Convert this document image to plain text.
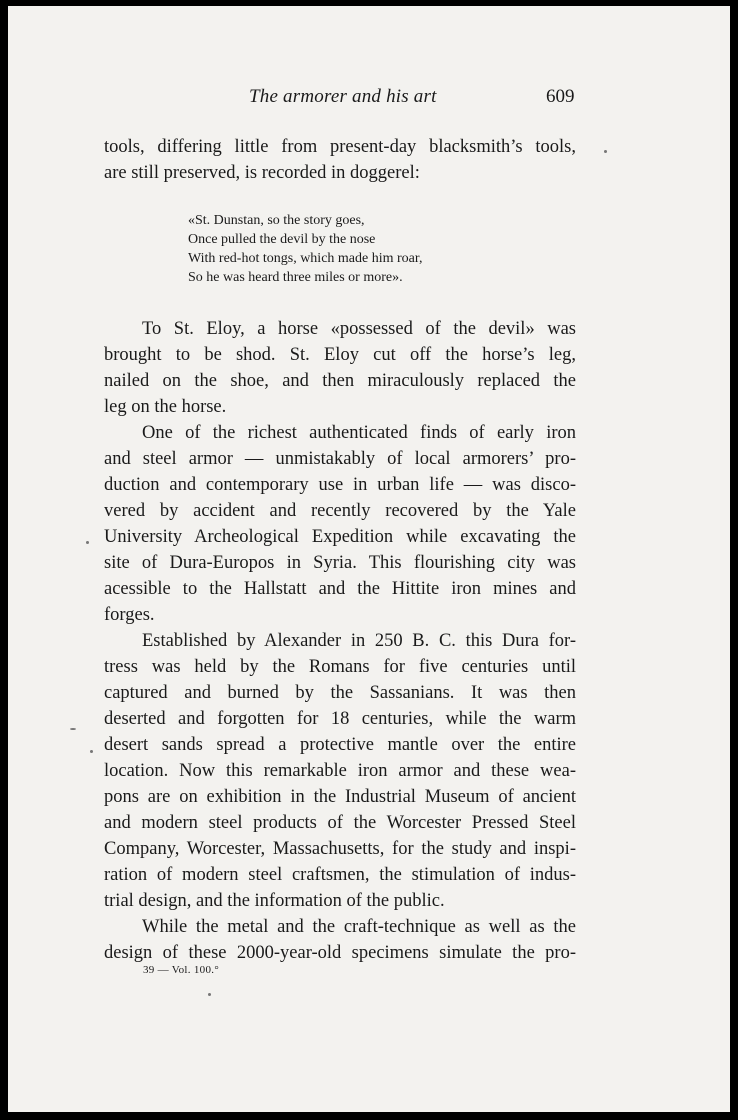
The armorer and his art	609
tools, differing little from present-day blacksmith’s tools,
are still preserved, is recorded in doggerel:
«St. Dunstan, so the story goes,
Once pulled the devil by the nose
With red-hot tongs, which made him roar,
So he was heard three miles or more».
To St. Eloy, a horse «possessed of the devil» was
brought to be shod. St. Eloy cut off the horse’s leg,
nailed on the shoe, and then miraculously replaced the
leg on the horse.
One of the richest authenticated finds of early iron
and steel armor — unmistakably of local armorers’ pro-
duction and contemporary use in urban life — was disco-
vered by accident and recently recovered by the Yale
University Archeological Expedition while excavating the
site of Dura-Europos in Syria. This flourishing city was
acessible to the Hallstatt and the Hittite iron mines and
forges.
Established by Alexander in 250 B. C. this Dura for-
tress was held by the Romans for five centuries until
captured and burned by the Sassanians. It was then
deserted and forgotten for 18 centuries, while the warm
desert sands spread a protective mantle over the entire
location. Now this remarkable iron armor and these wea-
pons are on exhibition in the Industrial Museum of ancient
and modern steel products of the Worcester Pressed Steel
Company, Worcester, Massachusetts, for the study and inspi-
ration of modern steel craftsmen, the stimulation of indus-
trial design, and the information of the public.
While the metal and the craft-technique as well as the
design of these 2000-year-old specimens simulate the pro-
39 — Vol. 100.°
